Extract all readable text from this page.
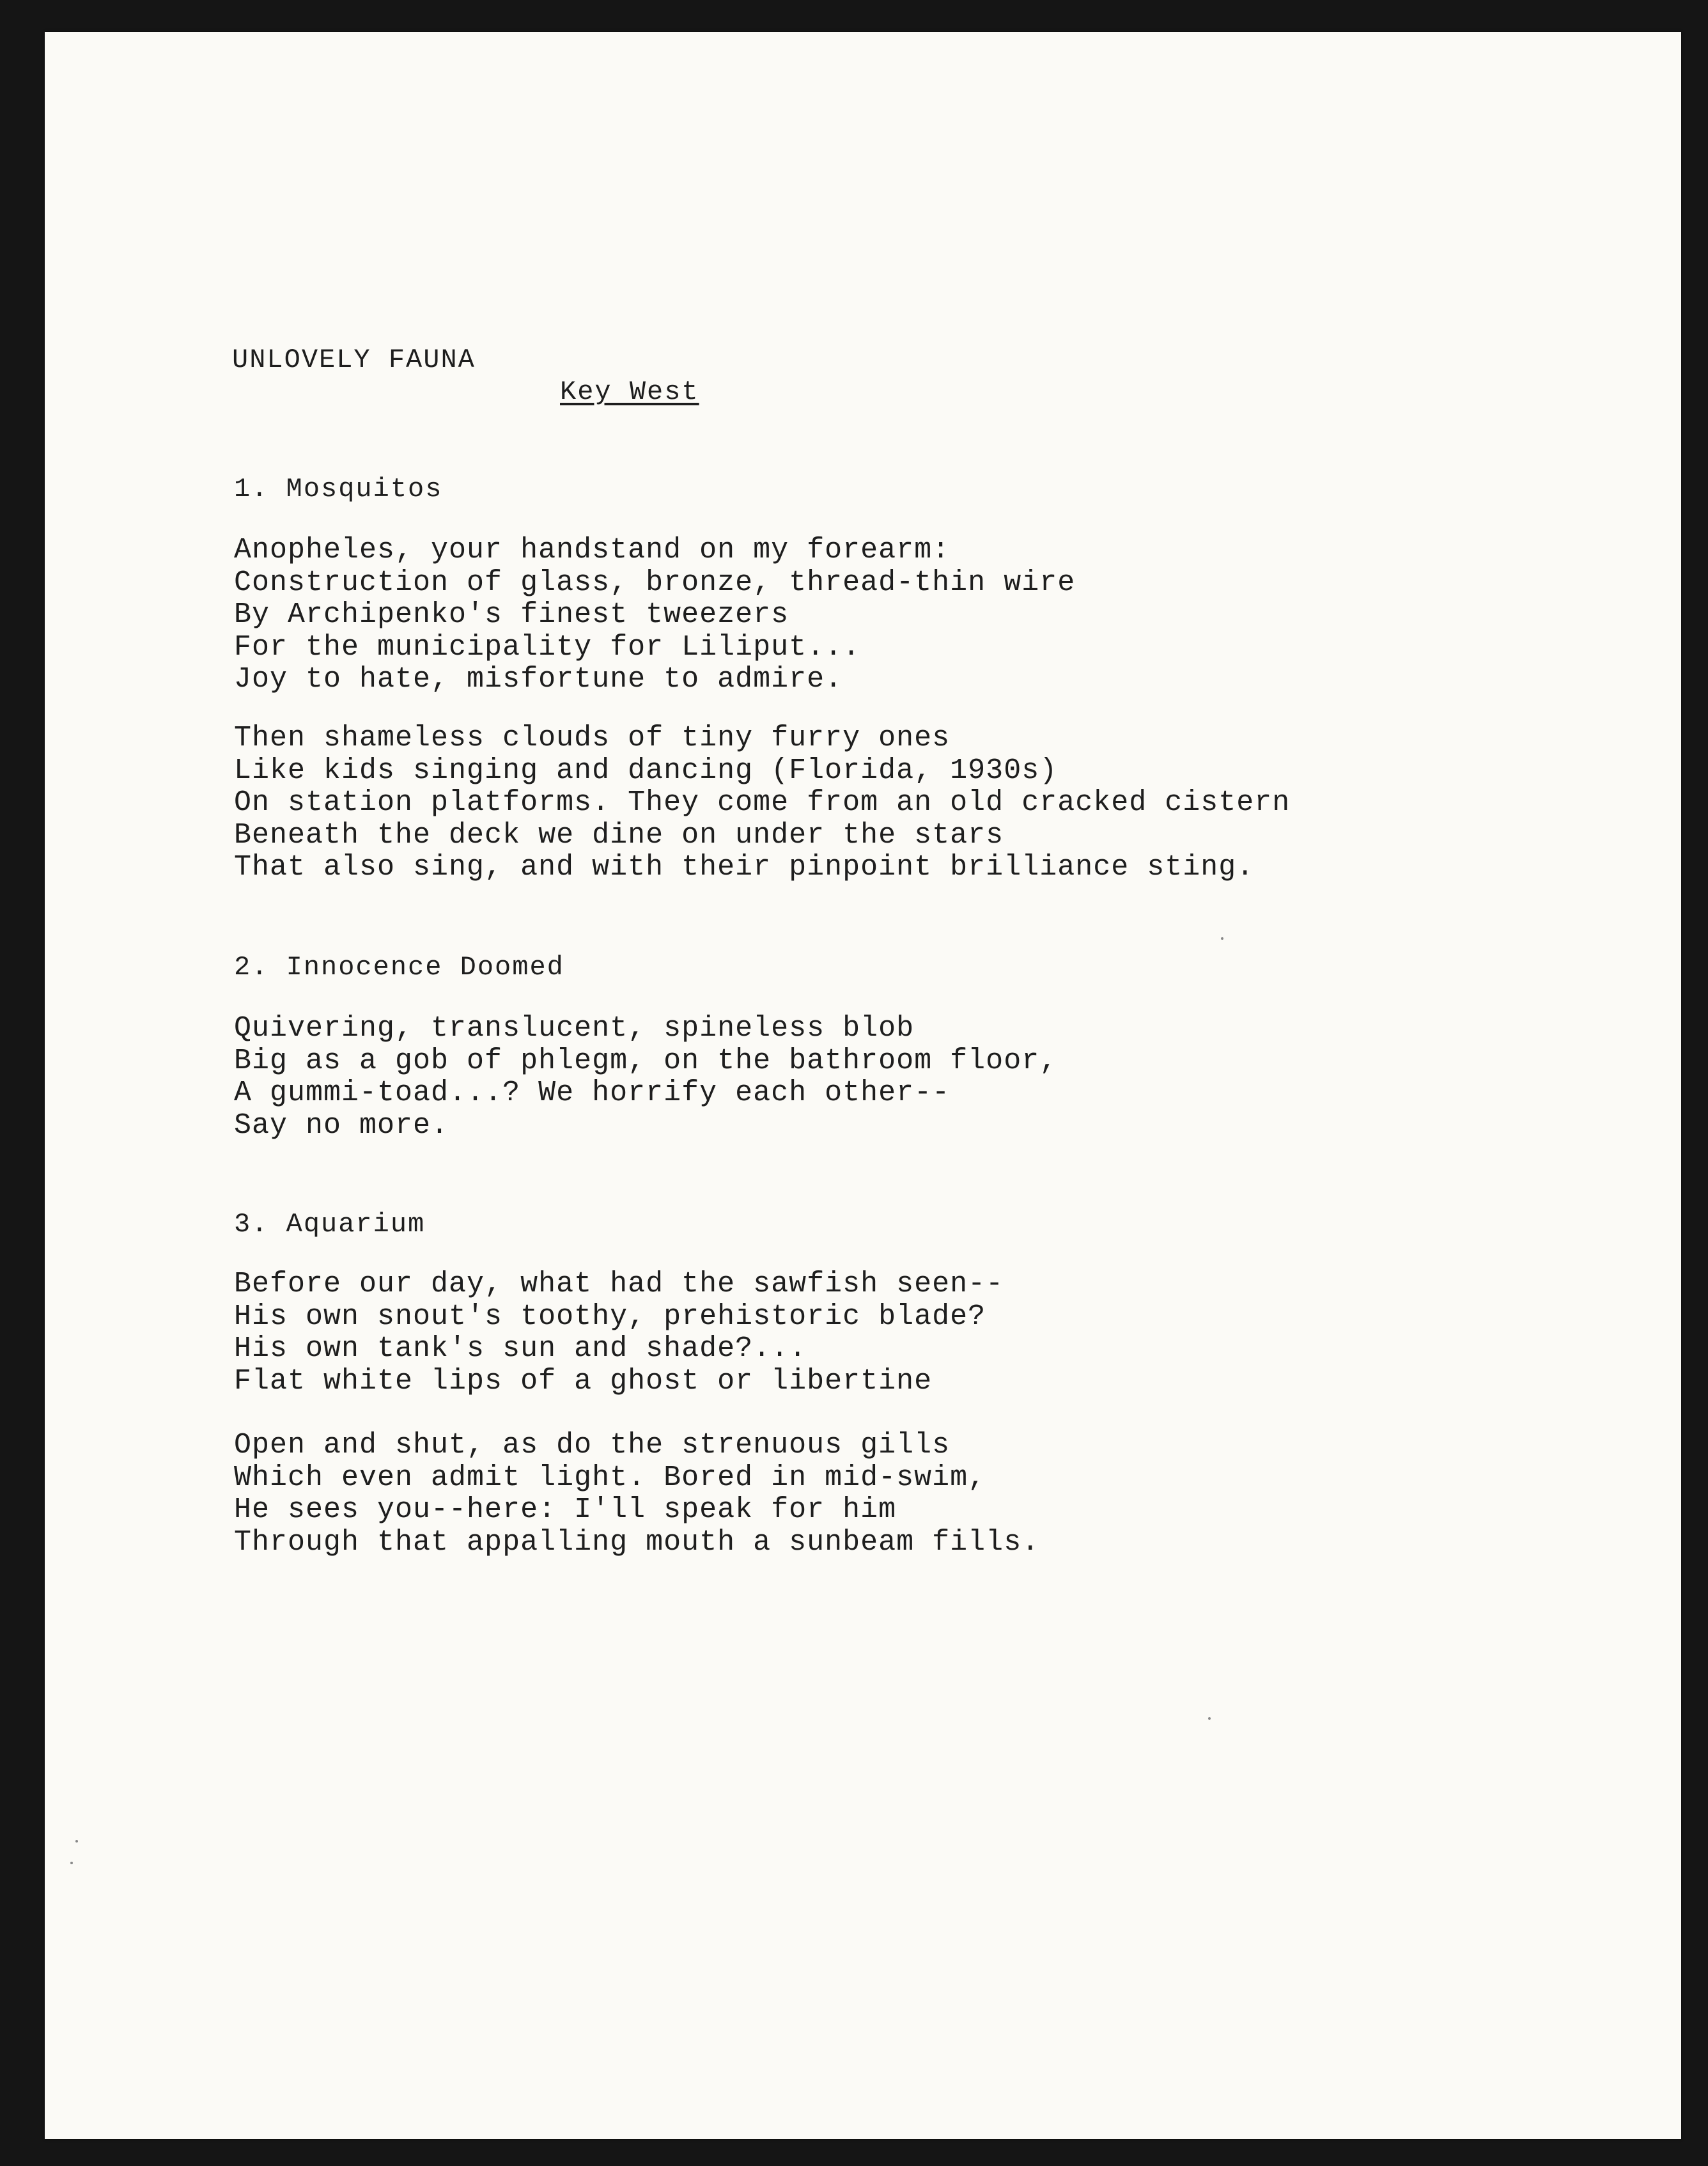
UNLOVELY FAUNA
Key West
1. Mosquitos
Anopheles, your handstand on my forearm:
Construction of glass, bronze, thread-thin wire
By Archipenko's finest tweezers
For the municipality for Liliput...
Joy to hate, misfortune to admire.
Then shameless clouds of tiny furry ones
Like kids singing and dancing (Florida, 1930s)
On station platforms. They come from an old cracked cistern
Beneath the deck we dine on under the stars
That also sing, and with their pinpoint brilliance sting.
2. Innocence Doomed
Quivering, translucent, spineless blob
Big as a gob of phlegm, on the bathroom floor,
A gummi-toad...? We horrify each other--
Say no more.
3. Aquarium
Before our day, what had the sawfish seen--
His own snout's toothy, prehistoric blade?
His own tank's sun and shade?...
Flat white lips of a ghost or libertine
Open and shut, as do the strenuous gills
Which even admit light. Bored in mid-swim,
He sees you--here: I'll speak for him
Through that appalling mouth a sunbeam fills.
